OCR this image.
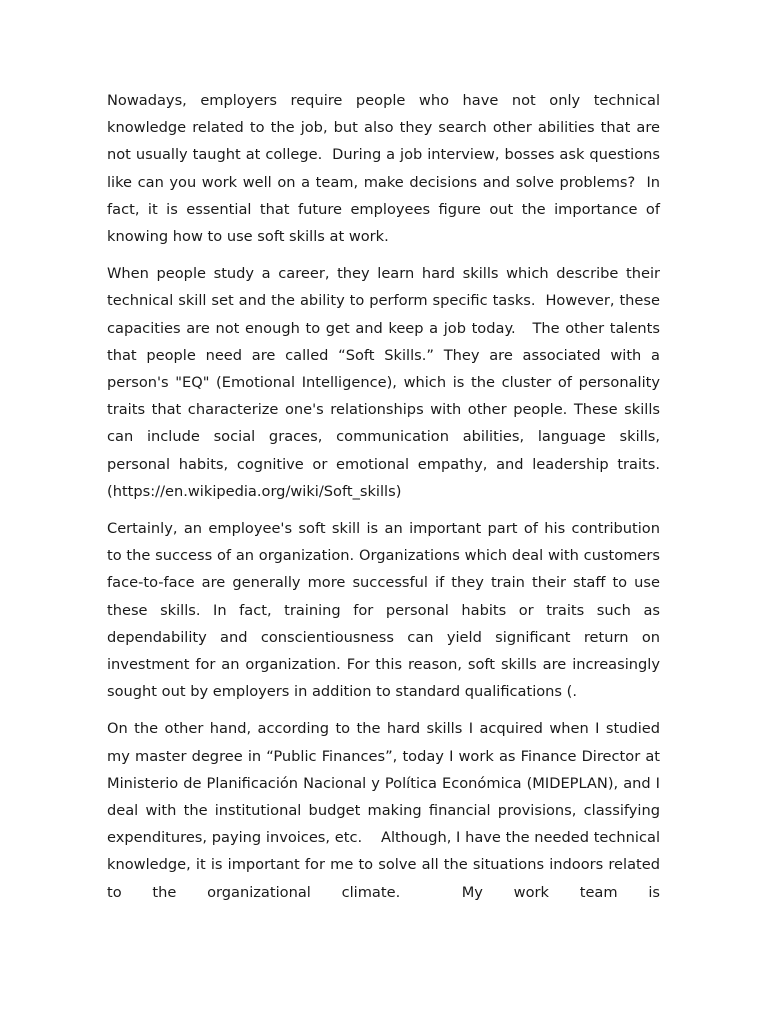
Nowadays, employers require people who have not only technical knowledge related to the job, but also they search other abilities that are not usually taught at college.  During a job interview, bosses ask questions like can you work well on a team, make decisions and solve problems?  In fact, it is essential that future employees figure out the importance of knowing how to use soft skills at work.

When people study a career, they learn hard skills which describe their technical skill set and the ability to perform specific tasks.  However, these capacities are not enough to get and keep a job today.   The other talents that people need are called “Soft Skills.” They are associated with a person's "EQ" (Emotional Intelligence), which is the cluster of personality traits that characterize one's relationships with other people. These skills can include social graces, communication abilities, language skills, personal habits, cognitive or emotional empathy, and leadership traits.  (https://en.wikipedia.org/wiki/Soft_skills)

Certainly, an employee's soft skill is an important part of his contribution to the success of an organization. Organizations which deal with customers face-to-face are generally more successful if they train their staff to use these skills. In fact, training for personal habits or traits such as dependability and conscientiousness can yield significant return on investment for an organization. For this reason, soft skills are increasingly sought out by employers in addition to standard qualifications (.

On the other hand, according to the hard skills I acquired when I studied my master degree in “Public Finances”, today I work as Finance Director at Ministerio de Planificación Nacional y Política Económica (MIDEPLAN), and I deal with the institutional budget making financial provisions, classifying expenditures, paying invoices, etc.    Although, I have the needed technical knowledge, it is important for me to solve all the situations indoors related to the organizational climate.  My work team is
